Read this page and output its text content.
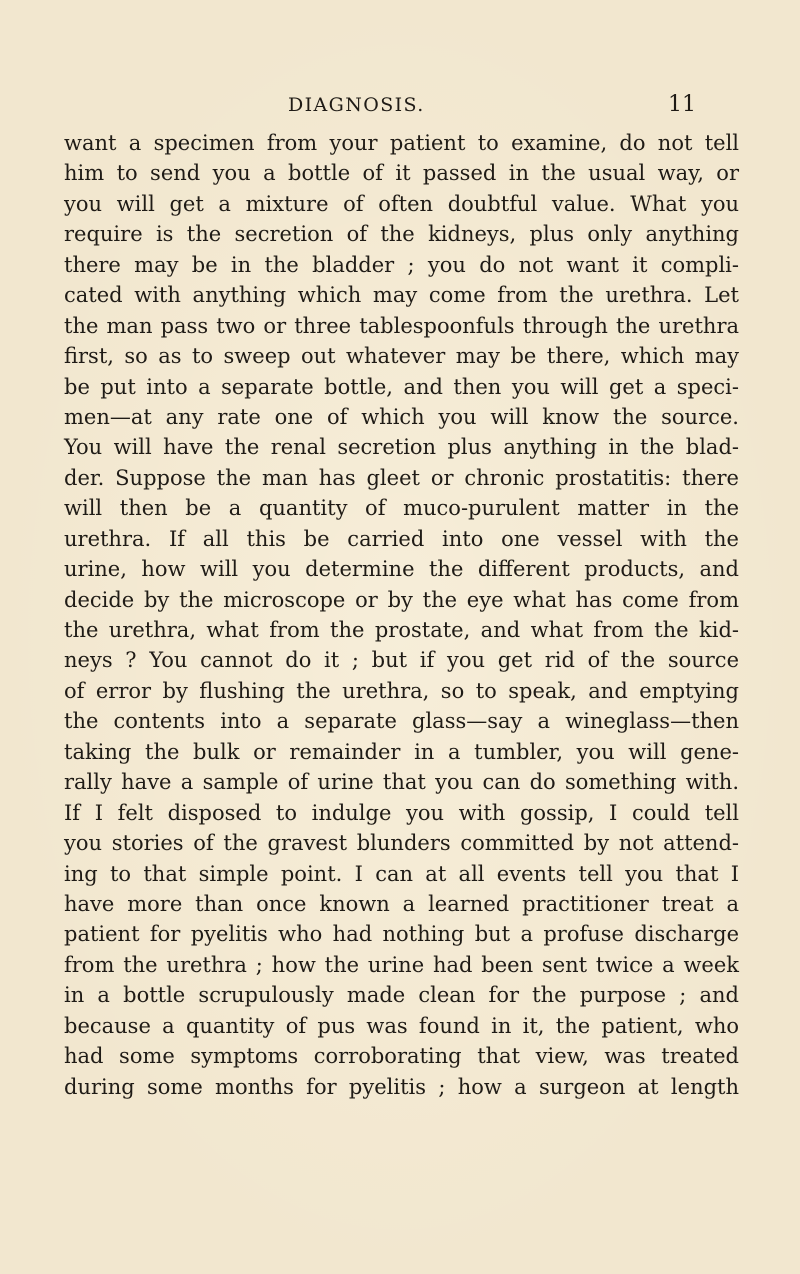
DIAGNOSIS.	11
want a specimen from your patient to examine, do not tell
him to send you a bottle of it passed in the usual way, or
you will get a mixture of often doubtful value. What you
require is the secretion of the kidneys, plus only anything
there may be in the bladder ; you do not want it compli-
cated with anything which may come from the urethra. Let
the man pass two or three tablespoonfuls through the urethra
first, so as to sweep out whatever may be there, which may
be put into a separate bottle, and then you will get a speci-
men—at any rate one of which you will know the source.
You will have the renal secretion plus anything in the blad-
der. Suppose the man has gleet or chronic prostatitis: there
will then be a quantity of muco-purulent matter in the
urethra. If all this be carried into one vessel with the
urine, how will you determine the different products, and
decide by the microscope or by the eye what has come from
the urethra, what from the prostate, and what from the kid-
neys ? You cannot do it ; but if you get rid of the source
of error by flushing the urethra, so to speak, and emptying
the contents into a separate glass—say a wineglass—then
taking the bulk or remainder in a tumbler, you will gene-
rally have a sample of urine that you can do something with.
If I felt disposed to indulge you with gossip, I could tell
you stories of the gravest blunders committed by not attend-
ing to that simple point. I can at all events tell you that I
have more than once known a learned practitioner treat a
patient for pyelitis who had nothing but a profuse discharge
from the urethra ; how the urine had been sent twice a week
in a bottle scrupulously made clean for the purpose ; and
because a quantity of pus was found in it, the patient, who
had some symptoms corroborating that view, was treated
during some months for pyelitis ; how a surgeon at length
